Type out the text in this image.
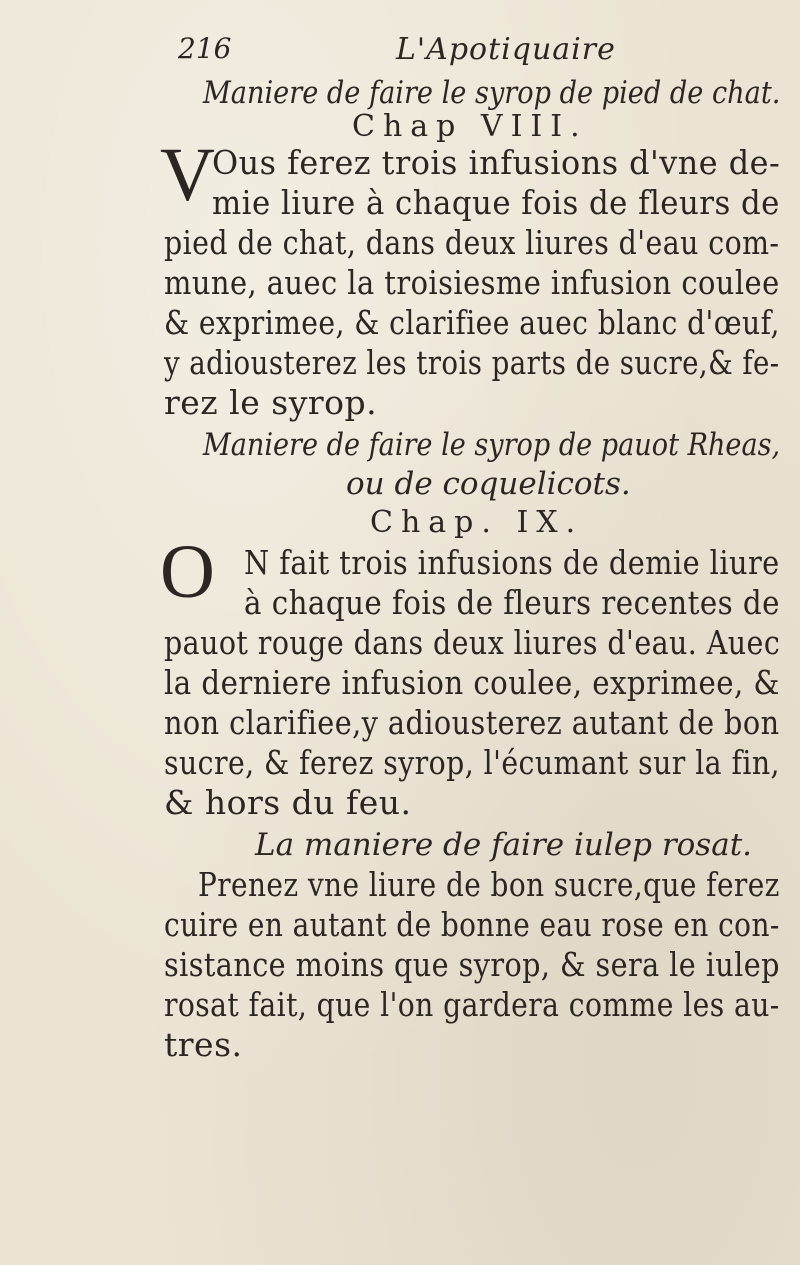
216	L'Apotiquaire
Maniere de faire le syrop de pied de chat.
Chap VIII.
V
Ous ferez trois infusions d'vne de-
mie liure à chaque fois de fleurs de
pied de chat, dans deux liures d'eau com-
mune, auec la troisiesme infusion coulee
& exprimee, & clarifiee auec blanc d'œuf,
y adiousterez les trois parts de sucre,& fe-
rez le syrop.
Maniere de faire le syrop de pauot Rheas,
ou de coquelicots.
Chap. IX.
O N fait trois infusions de demie liure
à chaque fois de fleurs recentes de
pauot rouge dans deux liures d'eau. Auec
la derniere infusion coulee, exprimee, &
non clarifiee,y adiousterez autant de bon
sucre, & ferez syrop, l'écumant sur la fin,
& hors du feu.
La maniere de faire iulep rosat.
Prenez vne liure de bon sucre,que ferez
cuire en autant de bonne eau rose en con-
sistance moins que syrop, & sera le iulep
rosat fait, que l'on gardera comme les au-
tres.
